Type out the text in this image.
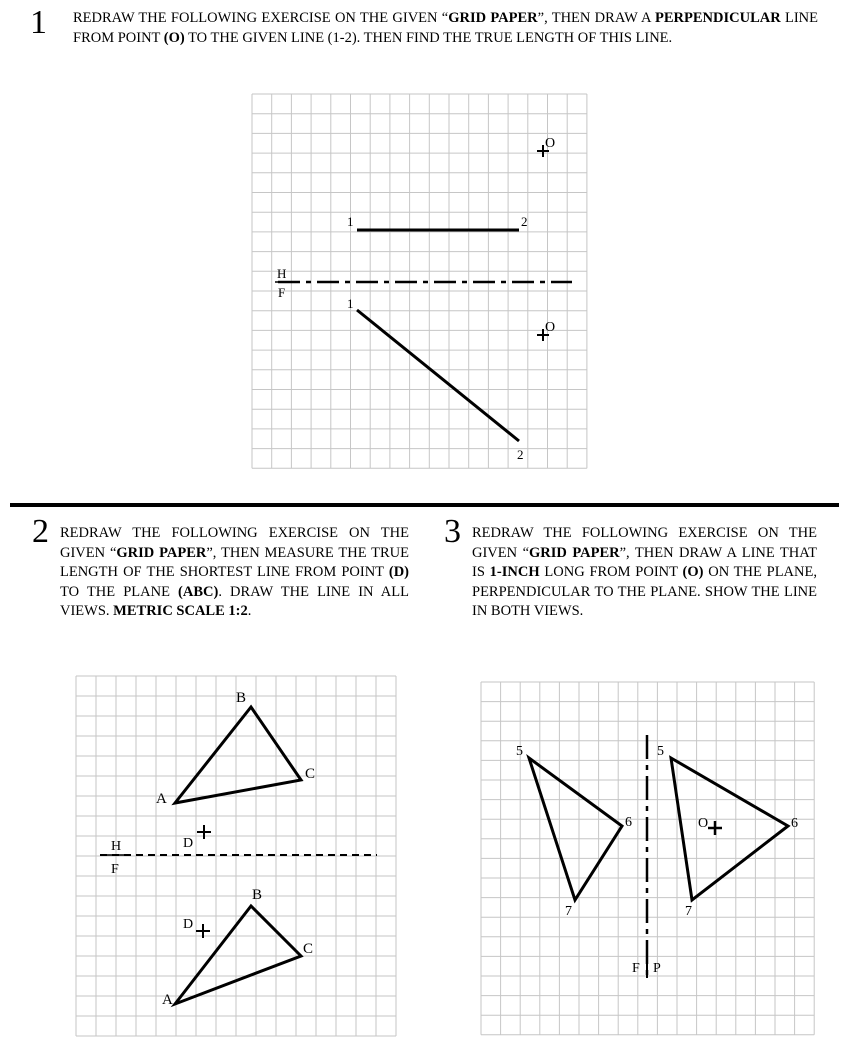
1 REDRAW THE FOLLOWING EXERCISE ON THE GIVEN “GRID PAPER”, THEN DRAW A PERPENDICULAR LINE FROM POINT (O) TO THE GIVEN LINE (1-2). THEN FIND THE TRUE LENGTH OF THIS LINE.
2 REDRAW THE FOLLOWING EXERCISE ON THE GIVEN “GRID PAPER”, THEN MEASURE THE TRUE LENGTH OF THE SHORTEST LINE FROM POINT (D) TO THE PLANE (ABC). DRAW THE LINE IN ALL VIEWS. METRIC SCALE 1:2.
3 REDRAW THE FOLLOWING EXERCISE ON THE GIVEN “GRID PAPER”, THEN DRAW A LINE THAT IS 1-INCH LONG FROM POINT (O) ON THE PLANE, PERPENDICULAR TO THE PLANE. SHOW THE LINE IN BOTH VIEWS.
H
F
1	2
1
2
O
O
H
F
B
C
A
D
B
C
A
D
F P
5
6
7
5
6
7
O
